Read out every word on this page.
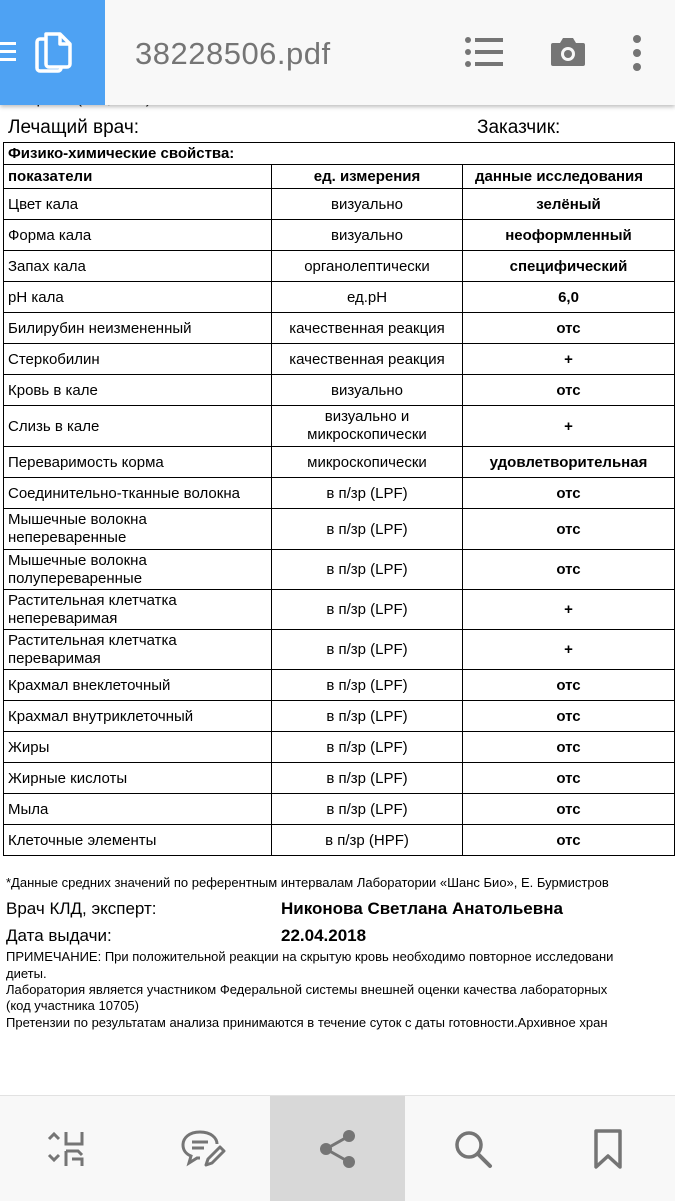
Лечащий врач:	Заказчик:
Физико-химические свойства:		
показатели	ед. измерения	данные исследования
Цвет кала	визуально	зелёный
Форма кала	визуально	неоформленный
Запах кала	органолептически	специфический
pH кала	ед.pH	6,0
Билирубин неизмененный	качественная реакция	отс
Стеркобилин	качественная реакция	+
Кровь в кале	визуально	отс
Слизь в кале	визуально и микроскопически	+
Переваримость корма	микроскопически	удовлетворительная
Соединительно-тканные волокна	в п/зр (LPF)	отс
Мышечные волокна непереваренные	в п/зр (LPF)	отс
Мышечные волокна полупереваренные	в п/зр (LPF)	отс
Растительная клетчатка непереваримая	в п/зр (LPF)	+
Растительная клетчатка переваримая	в п/зр (LPF)	+
Крахмал внеклеточный	в п/зр (LPF)	отс
Крахмал внутриклеточный	в п/зр (LPF)	отс
Жиры	в п/зр (LPF)	отс
Жирные кислоты	в п/зр (LPF)	отс
Мыла	в п/зр (LPF)	отс
Клеточные элементы	в п/зр (HPF)	отс
*Данные средних значений по референтным интервалам Лаборатории «Шанс Био», Е. Бурмистров
Врач КЛД, эксперт:	Никонова Светлана Анатольевна
Дата выдачи:	22.04.2018
ПРИМЕЧАНИЕ: При положительной реакции на скрытую кровь необходимо повторное исследовани
диеты.
Лаборатория является участником Федеральной системы внешней оценки качества лабораторных
(код участника 10705)
Претензии по результатам анализа принимаются в течение суток с даты готовности.Архивное хран
38228506.pdf
